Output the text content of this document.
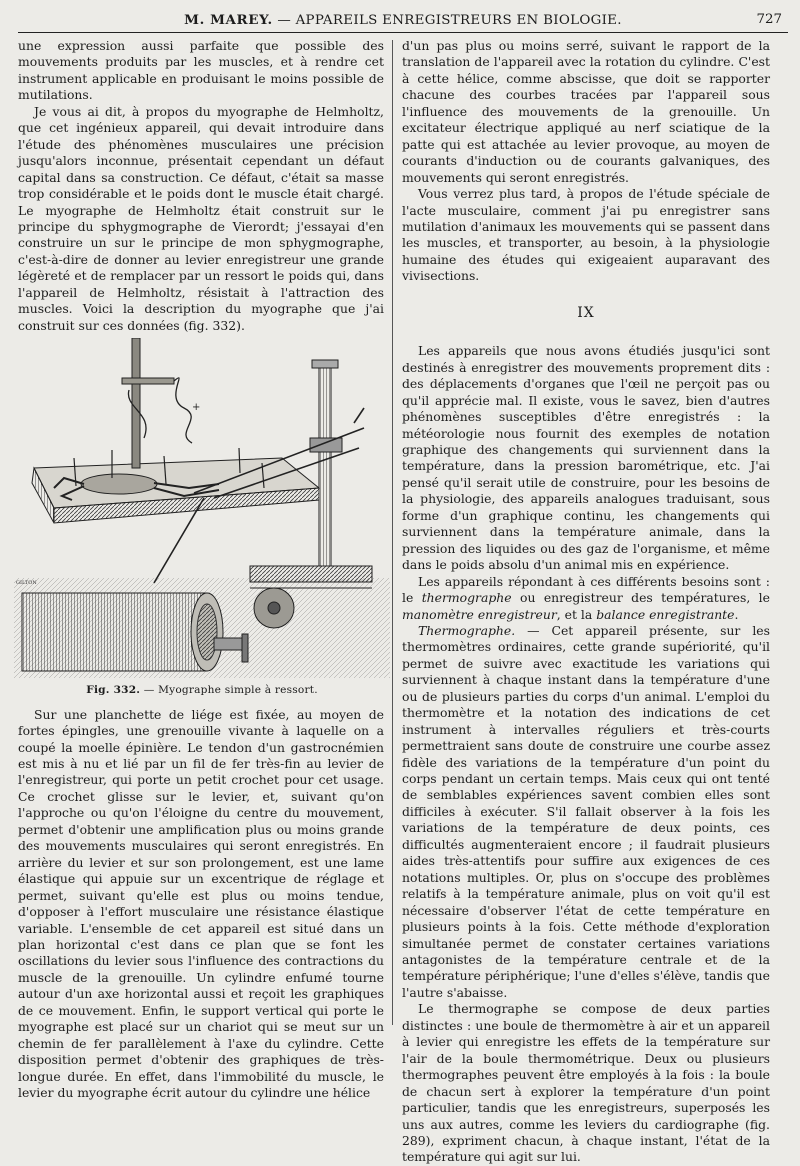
M. MAREY. — APPAREILS ENREGISTREURS EN BIOLOGIE.	727

une expression aussi parfaite que possible des mouvements produits par les muscles, et à rendre cet instrument applicable en produisant le moins possible de mutilations.

Je vous ai dit, à propos du myographe de Helmholtz, que cet ingénieux appareil, qui devait introduire dans l'étude des phénomènes musculaires une précision jusqu'alors inconnue, présentait cependant un défaut capital dans sa construction. Ce défaut, c'était sa masse trop considérable et le poids dont le muscle était chargé. Le myographe de Helmholtz était construit sur le principe du sphygmographe de Vierordt; j'essayai d'en construire un sur le principe de mon sphygmographe, c'est-à-dire de donner au levier enregistreur une grande légèreté et de remplacer par un ressort le poids qui, dans l'appareil de Helmholtz, résistait à l'attraction des muscles. Voici la description du myographe que j'ai construit sur ces données (fig. 332).

+
GILTON
Fig. 332. — Myographe simple à ressort.

Sur une planchette de liége est fixée, au moyen de fortes épingles, une grenouille vivante à laquelle on a coupé la moelle épinière. Le tendon d'un gastrocnémien est mis à nu et lié par un fil de fer très-fin au levier de l'enregistreur, qui porte un petit crochet pour cet usage. Ce crochet glisse sur le levier, et, suivant qu'on l'approche ou qu'on l'éloigne du centre du mouvement, permet d'obtenir une amplification plus ou moins grande des mouvements musculaires qui seront enregistrés. En arrière du levier et sur son prolongement, est une lame élastique qui appuie sur un excentrique de réglage et permet, suivant qu'elle est plus ou moins tendue, d'opposer à l'effort musculaire une résistance élastique variable. L'ensemble de cet appareil est situé dans un plan horizontal c'est dans ce plan que se font les oscillations du levier sous l'influence des contractions du muscle de la grenouille. Un cylindre enfumé tourne autour d'un axe horizontal aussi et reçoit les graphiques de ce mouvement. Enfin, le support vertical qui porte le myographe est placé sur un chariot qui se meut sur un chemin de fer parallèlement à l'axe du cylindre. Cette disposition permet d'obtenir des graphiques de très-longue durée. En effet, dans l'immobilité du muscle, le levier du myographe écrit autour du cylindre une hélice

d'un pas plus ou moins serré, suivant le rapport de la translation de l'appareil avec la rotation du cylindre. C'est à cette hélice, comme abscisse, que doit se rapporter chacune des courbes tracées par l'appareil sous l'influence des mouvements de la grenouille. Un excitateur électrique appliqué au nerf sciatique de la patte qui est attachée au levier provoque, au moyen de courants d'induction ou de courants galvaniques, des mouvements qui seront enregistrés.

Vous verrez plus tard, à propos de l'étude spéciale de l'acte musculaire, comment j'ai pu enregistrer sans mutilation d'animaux les mouvements qui se passent dans les muscles, et transporter, au besoin, à la physiologie humaine des études qui exigeaient auparavant des vivisections.

IX

Les appareils que nous avons étudiés jusqu'ici sont destinés à enregistrer des mouvements proprement dits : des déplacements d'organes que l'œil ne perçoit pas ou qu'il apprécie mal. Il existe, vous le savez, bien d'autres phénomènes susceptibles d'être enregistrés : la météorologie nous fournit des exemples de notation graphique des changements qui surviennent dans la température, dans la pression barométrique, etc. J'ai pensé qu'il serait utile de construire, pour les besoins de la physiologie, des appareils analogues traduisant, sous forme d'un graphique continu, les changements qui surviennent dans la température animale, dans la pression des liquides ou des gaz de l'organisme, et même dans le poids absolu d'un animal mis en expérience.

Les appareils répondant à ces différents besoins sont : le thermographe ou enregistreur des températures, le manomètre enregistreur, et la balance enregistrante.

Thermographe. — Cet appareil présente, sur les thermomètres ordinaires, cette grande supériorité, qu'il permet de suivre avec exactitude les variations qui surviennent à chaque instant dans la température d'une ou de plusieurs parties du corps d'un animal. L'emploi du thermomètre et la notation des indications de cet instrument à intervalles réguliers et très-courts permettraient sans doute de construire une courbe assez fidèle des variations de la température d'un point du corps pendant un certain temps. Mais ceux qui ont tenté de semblables expériences savent combien elles sont difficiles à exécuter. S'il fallait observer à la fois les variations de la température de deux points, ces difficultés augmenteraient encore ; il faudrait plusieurs aides très-attentifs pour suffire aux exigences de ces notations multiples. Or, plus on s'occupe des problèmes relatifs à la température animale, plus on voit qu'il est nécessaire d'observer l'état de cette température en plusieurs points à la fois. Cette méthode d'exploration simultanée permet de constater certaines variations antagonistes de la température centrale et de la température périphérique; l'une d'elles s'élève, tandis que l'autre s'abaisse.

Le thermographe se compose de deux parties distinctes : une boule de thermomètre à air et un appareil à levier qui enregistre les effets de la température sur l'air de la boule thermométrique. Deux ou plusieurs thermographes peuvent être employés à la fois : la boule de chacun sert à explorer la température d'un point particulier, tandis que les enregistreurs, superposés les uns aux autres, comme les leviers du cardiographe (fig. 289), expriment chacun, à chaque instant, l'état de la température qui agit sur lui.
